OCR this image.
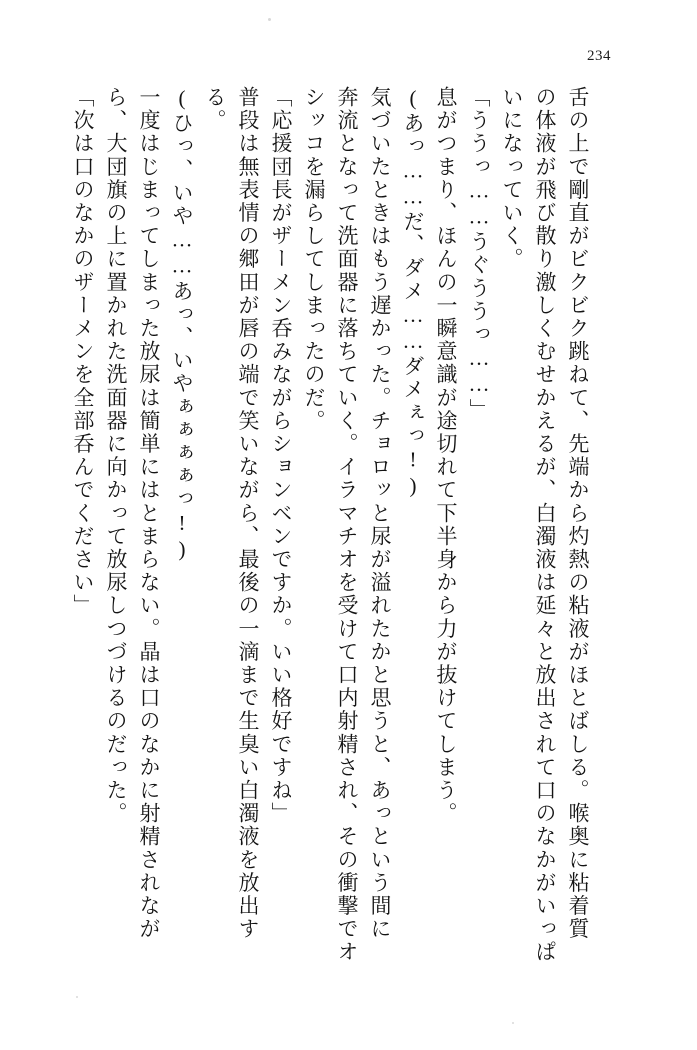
234
「次は口のなかのザーメンを全部呑んでください」 ら、大団旗の上に置かれた洗面器に向かって放尿しつづけるのだった。 一度はじまってしまった放尿は簡単にはとまらない。晶は口のなかに射精されなが (ひっ、いや……あっ、いやぁぁぁぁっ!) る。 普段は無表情の郷田が唇の端で笑いながら、最後の一滴まで生臭い白濁液を放出す 「応援団長がザーメン呑みながらションベンですか。いい格好ですね」 シッコを漏らしてしまったのだ。 奔流となって洗面器に落ちていく。イラマチオを受けて口内射精され、その衝撃でオ 気づいたときはもう遅かった。チョロッと尿が溢れたかと思うと、あっという間に (あっ……だ、ダメ……ダメぇっ!) 息がつまり、ほんの一瞬意識が途切れて下半身から力が抜けてしまう。 「ううっ……うぐううっ……」 いになっていく。 の体液が飛び散り激しくむせかえるが、白濁液は延々と放出されて口のなかがいっぱ 舌の上で剛直がビクビク跳ねて、先端から灼熱の粘液がほとばしる。喉奥に粘着質
